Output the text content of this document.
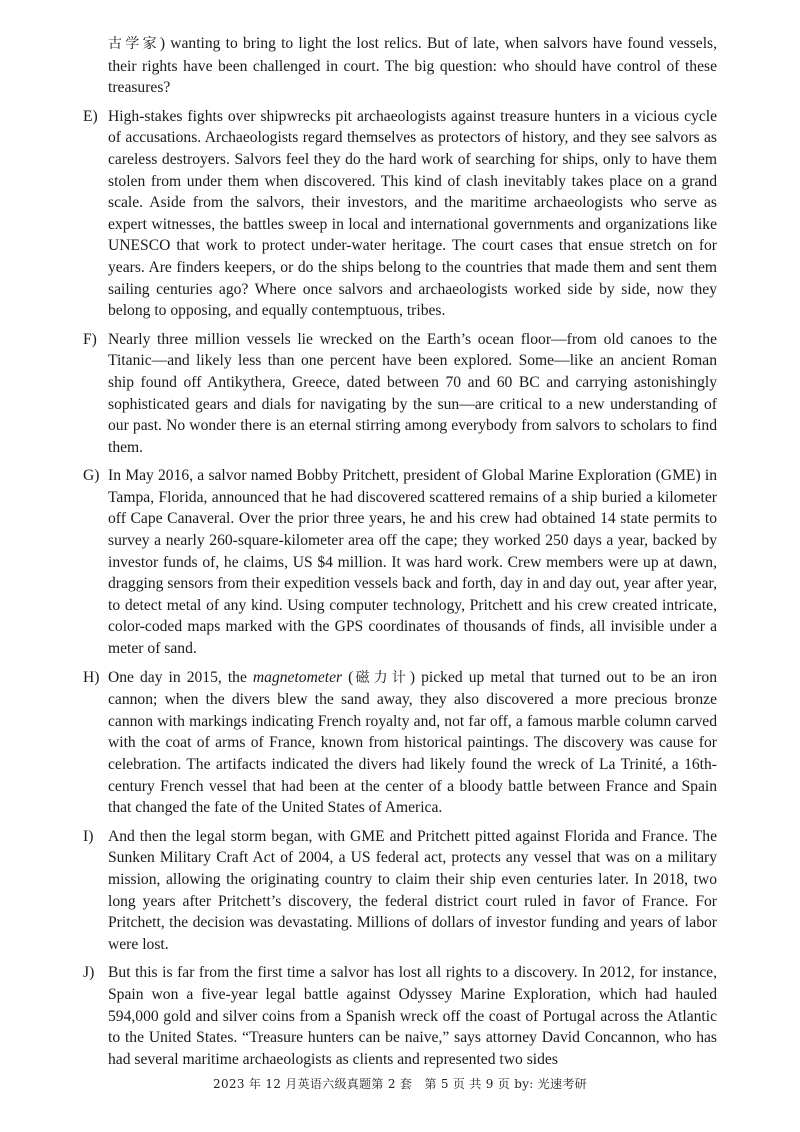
古学家) wanting to bring to light the lost relics. But of late, when salvors have found vessels, their rights have been challenged in court. The big question: who should have control of these treasures?

E) High-stakes fights over shipwrecks pit archaeologists against treasure hunters in a vicious cycle of accusations. Archaeologists regard themselves as protectors of history, and they see salvors as careless destroyers. Salvors feel they do the hard work of searching for ships, only to have them stolen from under them when discovered. This kind of clash inevitably takes place on a grand scale. Aside from the salvors, their investors, and the maritime archaeologists who serve as expert witnesses, the battles sweep in local and international governments and organizations like UNESCO that work to protect under-water heritage. The court cases that ensue stretch on for years. Are finders keepers, or do the ships belong to the countries that made them and sent them sailing centuries ago? Where once salvors and archaeologists worked side by side, now they belong to opposing, and equally contemptuous, tribes.

F) Nearly three million vessels lie wrecked on the Earth’s ocean floor—from old canoes to the Titanic—and likely less than one percent have been explored. Some—like an ancient Roman ship found off Antikythera, Greece, dated between 70 and 60 BC and carrying astonishingly sophisticated gears and dials for navigating by the sun—are critical to a new understanding of our past. No wonder there is an eternal stirring among everybody from salvors to scholars to find them.

G) In May 2016, a salvor named Bobby Pritchett, president of Global Marine Exploration (GME) in Tampa, Florida, announced that he had discovered scattered remains of a ship buried a kilometer off Cape Canaveral. Over the prior three years, he and his crew had obtained 14 state permits to survey a nearly 260-square-kilometer area off the cape; they worked 250 days a year, backed by investor funds of, he claims, US $4 million. It was hard work. Crew members were up at dawn, dragging sensors from their expedition vessels back and forth, day in and day out, year after year, to detect metal of any kind. Using computer technology, Pritchett and his crew created intricate, color-coded maps marked with the GPS coordinates of thousands of finds, all invisible under a meter of sand.

H) One day in 2015, the magnetometer (磁力计) picked up metal that turned out to be an iron cannon; when the divers blew the sand away, they also discovered a more precious bronze cannon with markings indicating French royalty and, not far off, a famous marble column carved with the coat of arms of France, known from historical paintings. The discovery was cause for celebration. The artifacts indicated the divers had likely found the wreck of La Trinité, a 16th-century French vessel that had been at the center of a bloody battle between France and Spain that changed the fate of the United States of America.

I) And then the legal storm began, with GME and Pritchett pitted against Florida and France. The Sunken Military Craft Act of 2004, a US federal act, protects any vessel that was on a military mission, allowing the originating country to claim their ship even centuries later. In 2018, two long years after Pritchett’s discovery, the federal district court ruled in favor of France. For Pritchett, the decision was devastating. Millions of dollars of investor funding and years of labor were lost.

J) But this is far from the first time a salvor has lost all rights to a discovery. In 2012, for instance, Spain won a five-year legal battle against Odyssey Marine Exploration, which had hauled 594,000 gold and silver coins from a Spanish wreck off the coast of Portugal across the Atlantic to the United States. “Treasure hunters can be naive,” says attorney David Concannon, who has had several maritime archaeologists as clients and represented two sides

2023 年 12 月英语六级真题第 2 套　第 5 页 共 9 页 by: 光速考研
